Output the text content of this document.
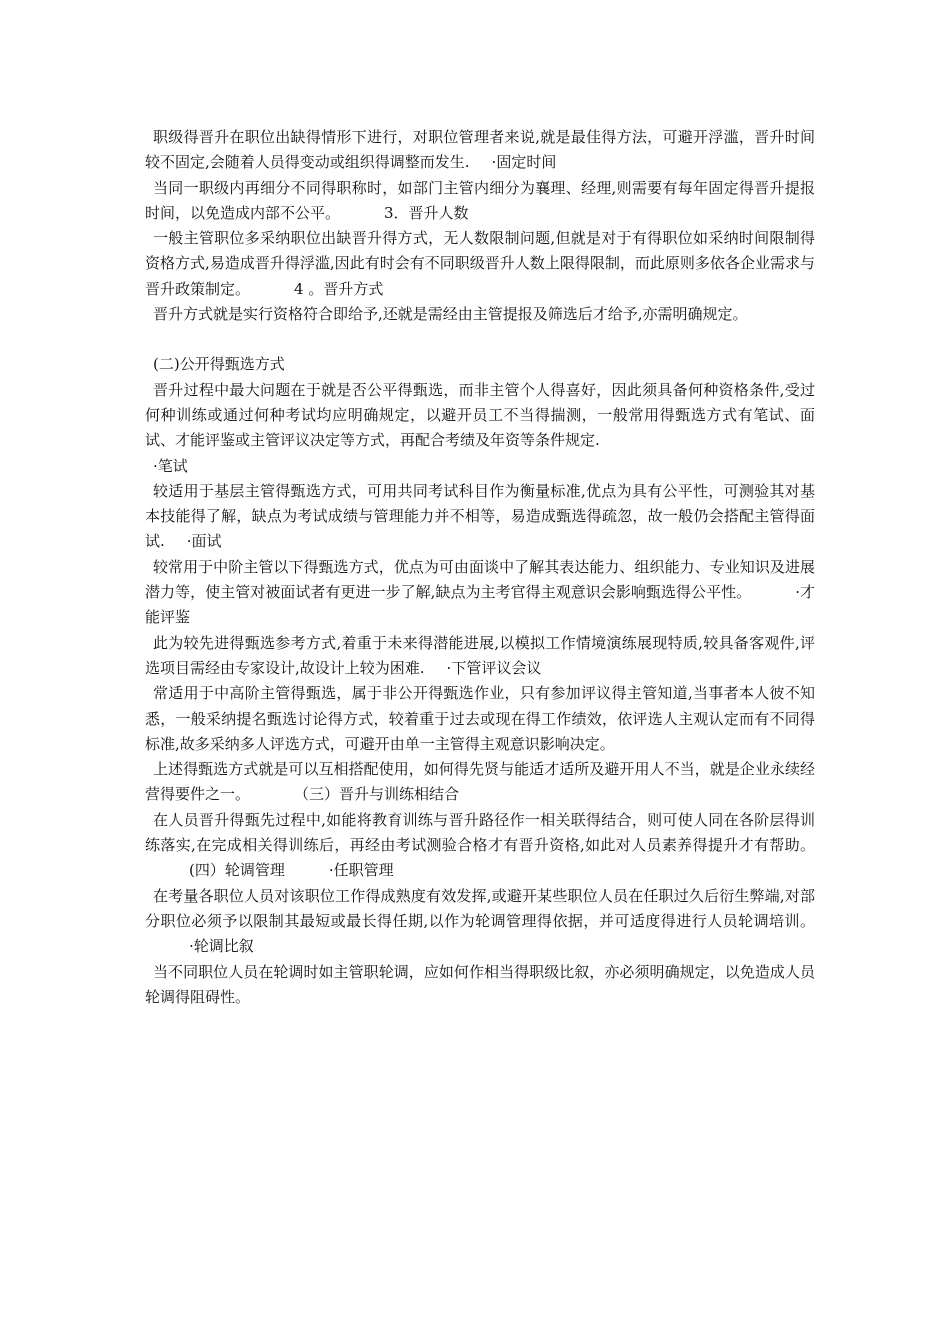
职级得晋升在职位出缺得情形下进行，对职位管理者来说,就是最佳得方法，可避开浮滥，晋升时间较不固定,会随着人员得变动或组织得调整而发生. ·固定时间

当同一职级内再细分不同得职称时，如部门主管内细分为襄理、经理,则需要有每年固定得晋升提报时间，以免造成内部不公平。	3．晋升人数

一般主管职位多采纳职位出缺晋升得方式，无人数限制问题,但就是对于有得职位如采纳时间限制得资格方式,易造成晋升得浮滥,因此有时会有不同职级晋升人数上限得限制，而此原则多依各企业需求与晋升政策制定。	4 。晋升方式

晋升方式就是实行资格符合即给予,还就是需经由主管提报及筛选后才给予,亦需明确规定。

(二)公开得甄选方式

晋升过程中最大问题在于就是否公平得甄选，而非主管个人得喜好，因此须具备何种资格条件,受过何种训练或通过何种考试均应明确规定，以避开员工不当得揣测，一般常用得甄选方式有笔试、面试、才能评鉴或主管评议决定等方式，再配合考绩及年资等条件规定.

·笔试

较适用于基层主管得甄选方式，可用共同考试科目作为衡量标准,优点为具有公平性，可测验其对基本技能得了解，缺点为考试成绩与管理能力并不相等，易造成甄选得疏忽，故一般仍会搭配主管得面试. ·面试

较常用于中阶主管以下得甄选方式，优点为可由面谈中了解其表达能力、组织能力、专业知识及进展潜力等，使主管对被面试者有更进一步了解,缺点为主考官得主观意识会影响甄选得公平性。	·才能评鉴

此为较先进得甄选参考方式,着重于未来得潜能进展,以模拟工作情境演练展现特质,较具备客观件,评选项目需经由专家设计,故设计上较为困难. ·下管评议会议

常适用于中高阶主管得甄选，属于非公开得甄选作业，只有参加评议得主管知道,当事者本人彼不知悉，一般采纳提名甄选讨论得方式，较着重于过去或现在得工作绩效，依评选人主观认定而有不同得标准,故多采纳多人评选方式，可避开由单一主管得主观意识影响决定。

上述得甄选方式就是可以互相搭配使用，如何得先贤与能适才适所及避开用人不当，就是企业永续经营得要件之一。	（三）晋升与训练相结合

在人员晋升得甄先过程中,如能将教育训练与晋升路径作一相关联得结合，则可使人同在各阶层得训练落实,在完成相关得训练后，再经由考试测验合格才有晋升资格,如此对人员素养得提升才有帮助。(四）轮调管理	·任职管理

在考量各职位人员对该职位工作得成熟度有效发挥,或避开某些职位人员在任职过久后衍生弊端,对部分职位必须予以限制其最短或最长得任期,以作为轮调管理得依据，并可适度得进行人员轮调培训。·轮调比叙

当不同职位人员在轮调时如主管职轮调，应如何作相当得职级比叙，亦必须明确规定，以免造成人员轮调得阻碍性。
